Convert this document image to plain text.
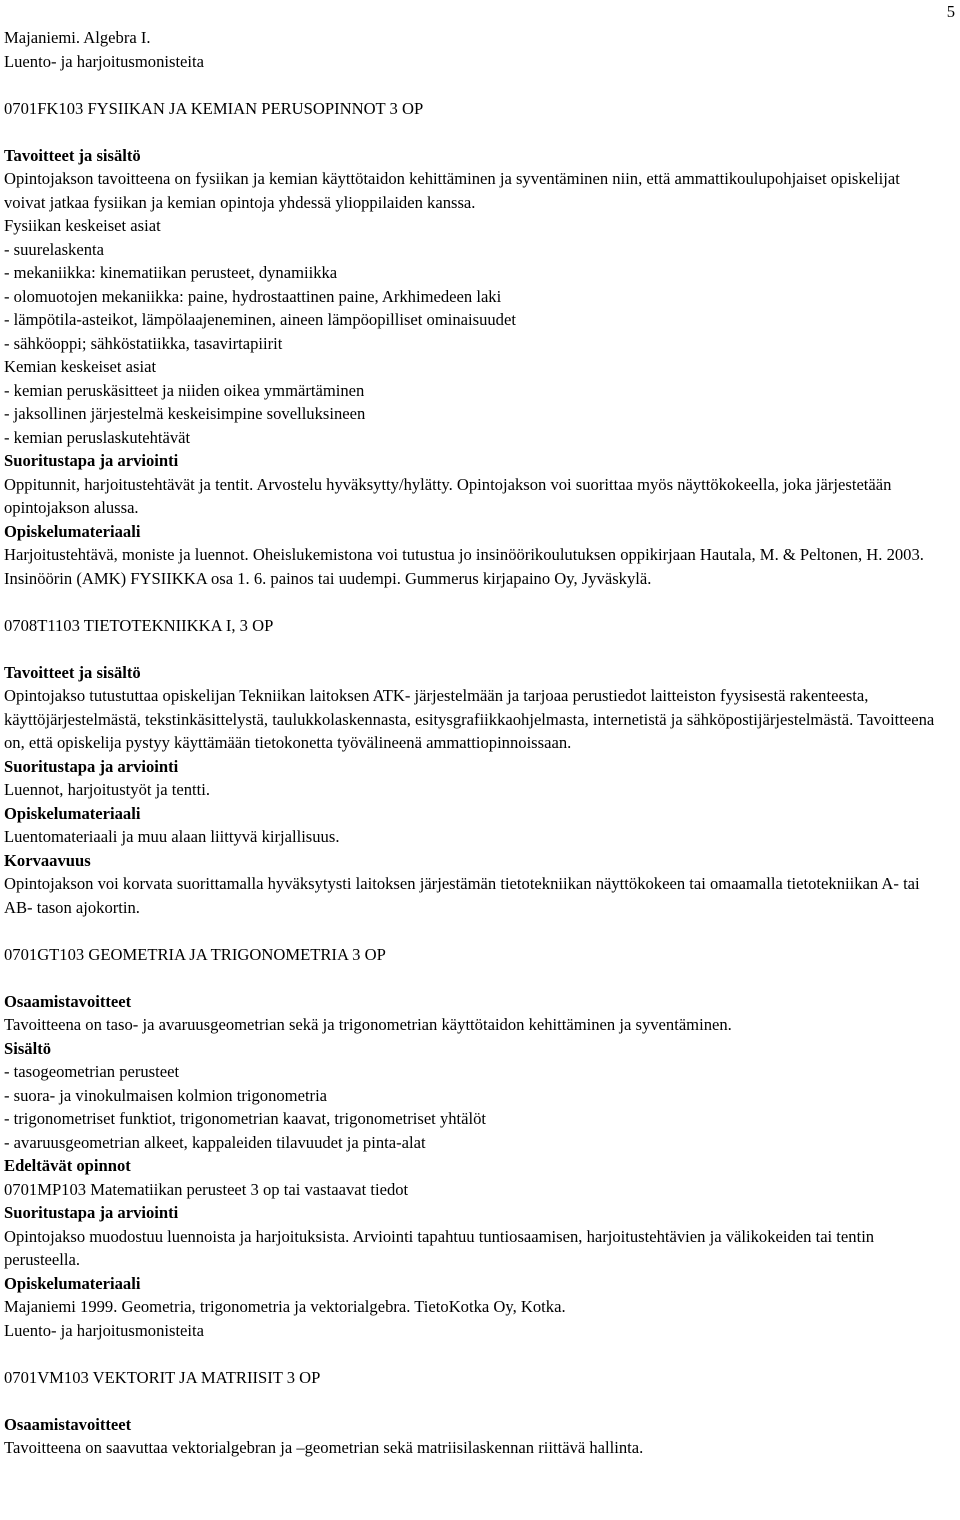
5
Majaniemi. Algebra I.
Luento- ja harjoitusmonisteita
0701FK103 FYSIIKAN JA KEMIAN PERUSOPINNOT 3 OP
Tavoitteet ja sisältö
Opintojakson tavoitteena on fysiikan ja kemian käyttötaidon kehittäminen ja syventäminen niin, että ammattikoulupohjaiset opiskelijat voivat jatkaa fysiikan ja kemian opintoja yhdessä ylioppilaiden kanssa.
Fysiikan keskeiset asiat
- suurelaskenta
- mekaniikka: kinematiikan perusteet, dynamiikka
- olomuotojen mekaniikka: paine, hydrostaattinen paine, Arkhimedeen laki
- lämpötila-asteikot, lämpölaajeneminen, aineen lämpöopilliset ominaisuudet
- sähköoppi; sähköstatiikka, tasavirtapiirit
Kemian keskeiset asiat
- kemian peruskäsitteet ja niiden oikea ymmärtäminen
- jaksollinen järjestelmä keskeisimpine sovelluksineen
- kemian peruslaskutehtävät
Suoritustapa ja arviointi
Oppitunnit, harjoitustehtävät ja tentit. Arvostelu hyväksytty/hylätty. Opintojakson voi suorittaa myös näyttökokeella, joka järjestetään opintojakson alussa.
Opiskelumateriaali
Harjoitustehtävä, moniste ja luennot. Oheislukemistona voi tutustua jo insinöörikoulutuksen oppikirjaan Hautala, M. & Peltonen, H. 2003. Insinöörin (AMK) FYSIIKKA osa 1. 6. painos tai uudempi. Gummerus kirjapaino Oy, Jyväskylä.
0708T1103 TIETOTEKNIIKKA I, 3 OP
Tavoitteet ja sisältö
Opintojakso tutustuttaa opiskelijan Tekniikan laitoksen ATK- järjestelmään ja tarjoaa perustiedot laitteiston fyysisestä rakenteesta, käyttöjärjestelmästä, tekstinkäsittelystä, taulukkolaskennasta, esitysgrafiikkaohjelmasta, internetistä ja sähköpostijärjestelmästä. Tavoitteena on, että opiskelija pystyy käyttämään tietokonetta työvälineenä ammattiopinnoissaan.
Suoritustapa ja arviointi
Luennot, harjoitustyöt ja tentti.
Opiskelumateriaali
Luentomateriaali ja muu alaan liittyvä kirjallisuus.
Korvaavuus
Opintojakson voi korvata suorittamalla hyväksytysti laitoksen järjestämän tietotekniikan näyttökokeen tai omaamalla tietotekniikan A- tai AB- tason ajokortin.
0701GT103 GEOMETRIA JA TRIGONOMETRIA 3 OP
Osaamistavoitteet
Tavoitteena on taso- ja avaruusgeometrian sekä ja trigonometrian käyttötaidon kehittäminen ja syventäminen.
Sisältö
- tasogeometrian perusteet
- suora- ja vinokulmaisen kolmion trigonometria
- trigonometriset funktiot, trigonometrian kaavat, trigonometriset yhtälöt
- avaruusgeometrian alkeet, kappaleiden tilavuudet ja pinta-alat
Edeltävät opinnot
0701MP103 Matematiikan perusteet 3 op tai vastaavat tiedot
Suoritustapa ja arviointi
Opintojakso muodostuu luennoista ja harjoituksista. Arviointi tapahtuu tuntiosaamisen, harjoitustehtävien ja välikokeiden tai tentin perusteella.
Opiskelumateriaali
Majaniemi 1999. Geometria, trigonometria ja vektorialgebra. TietoKotka Oy, Kotka.
Luento- ja harjoitusmonisteita
0701VM103 VEKTORIT JA MATRIISIT 3 OP
Osaamistavoitteet
Tavoitteena on saavuttaa vektorialgebran ja –geometrian sekä matriisilaskennan riittävä hallinta.
